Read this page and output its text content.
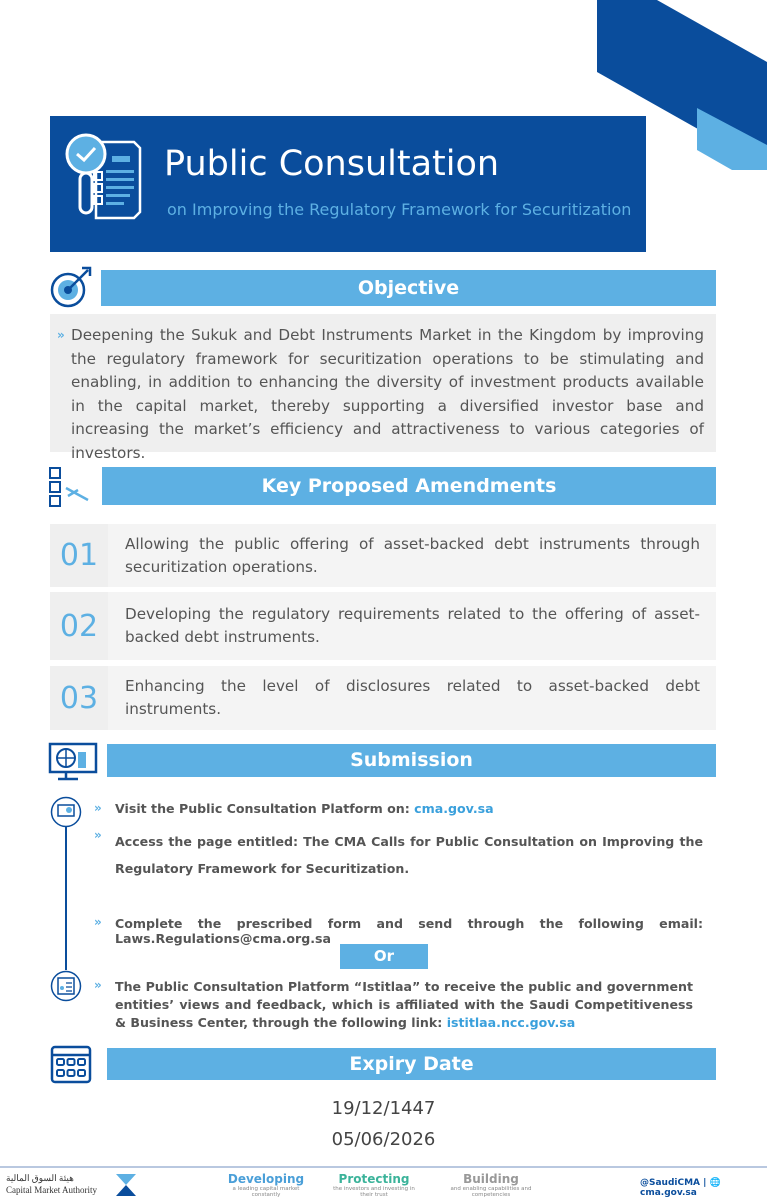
Public Consultation
on Improving the Regulatory Framework for Securitization
Objective
» Deepening the Sukuk and Debt Instruments Market in the Kingdom by improving the regulatory framework for securitization operations to be stimulating and enabling, in addition to enhancing the diversity of investment products available in the capital market, thereby supporting a diversified investor base and increasing the market’s efficiency and attractiveness to various categories of investors.
Key Proposed Amendments
01	Allowing the public offering of asset-backed debt instruments through securitization operations.
02	Developing the regulatory requirements related to the offering of asset-backed debt instruments.
03	Enhancing the level of disclosures related to asset-backed debt instruments.
Submission
» Visit the Public Consultation Platform on: cma.gov.sa
» Access the page entitled: The CMA Calls for Public Consultation on Improving the Regulatory Framework for Securitization.
» Complete the prescribed form and send through the following email: Laws.Regulations@cma.org.sa
Or
» The Public Consultation Platform “Istitlaa” to receive the public and government entities’ views and feedback, which is affiliated with the Saudi Competitiveness & Business Center, through the following link: istitlaa.ncc.gov.sa
Expiry Date
19/12/1447
05/06/2026
هيئة السوق المالية
Capital Market Authority
Developing
a leading capital market constantly
Protecting
the investors and investing in their trust
Building
and enabling capabilities and competencies
@SaudiCMA | 🌐cma.gov.sa
